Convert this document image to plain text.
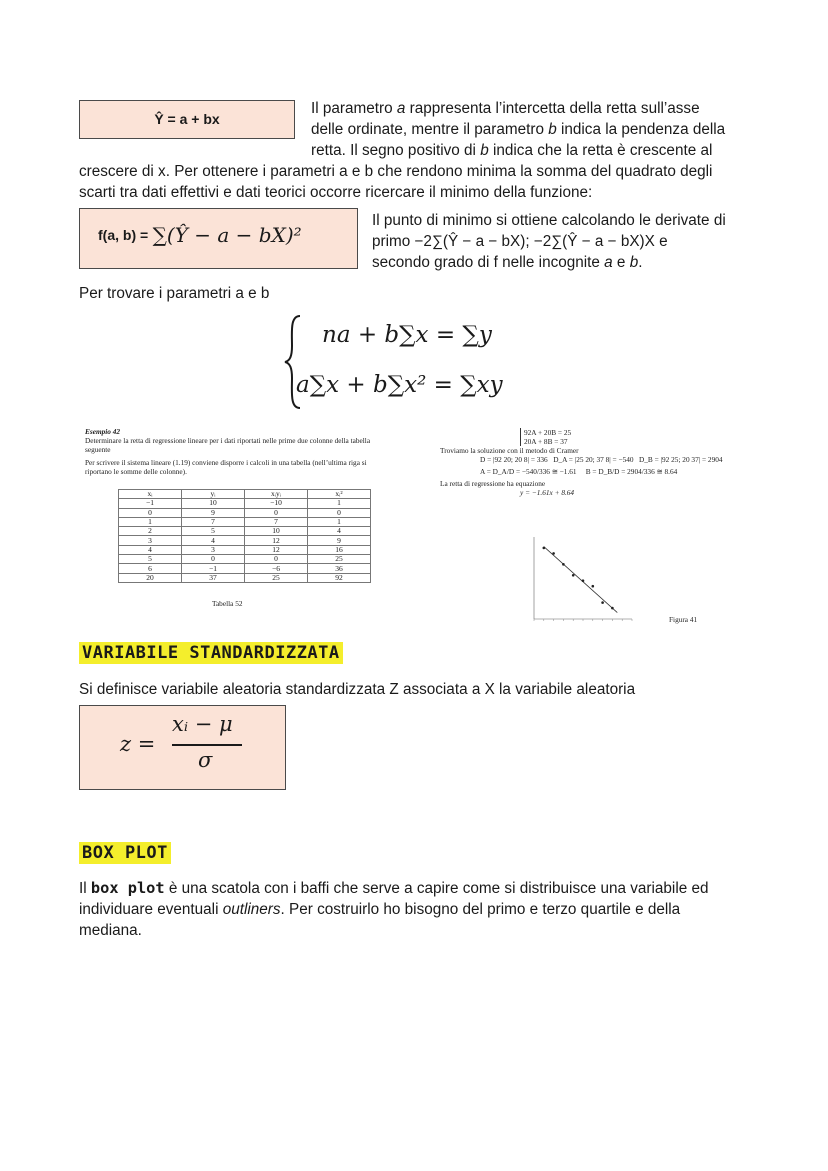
Ŷ = a + bx
Il parametro a rappresenta l’intercetta della retta sull’asse
delle ordinate, mentre il parametro b indica la pendenza della
retta. Il segno positivo di b indica che la retta è crescente al
crescere di x. Per ottenere i parametri a e b che rendono minima la somma del quadrato degli
scarti tra dati effettivi e dati teorici occorre ricercare il minimo della funzione:
f(a, b) = ∑(Ŷ − a − bX)²
Il punto di minimo si ottiene calcolando le derivate di
primo −2∑(Ŷ − a − bX); −2∑(Ŷ − a − bX)X e
secondo grado di f nelle incognite a e b.
Per trovare i parametri a e b
na + b∑x = ∑y
a∑x + b∑x² = ∑xy
Esempio 42
Determinare la retta di regressione lineare per i dati riportati nelle prime due colonne della tabella
seguente
Per scrivere il sistema lineare (1.19) conviene disporre i calcoli in una tabella (nell’ultima riga si
riportano le somme delle colonne).
xᵢ	yᵢ	xᵢyᵢ	xᵢ²
−1	10	−10	1
0	9	0	0
1	7	7	1
2	5	10	4
3	4	12	9
4	3	12	16
5	0	0	25
6	−1	−6	36
20	37	25	92
Tabella 52
92A + 20B = 25
20A + 8B = 37
Troviamo la soluzione con il metodo di Cramer
D = |92 20; 20 8| = 336 D_A = |25 20; 37 8| = −540 D_B = |92 25; 20 37| = 2904
A = D_A/D = −540/336 ≅ −1.61 B = D_B/D = 2904/336 ≅ 8.64
La retta di regressione ha equazione
y = −1.61x + 8.64
Figura 41
VARIABILE STANDARDIZZATA
Si definisce variabile aleatoria standardizzata Z associata a X la variabile aleatoria
z =
xᵢ − μ
σ
BOX PLOT
Il box plot è una scatola con i baffi che serve a capire come si distribuisce una variabile ed
individuare eventuali outliners. Per costruirlo ho bisogno del primo e terzo quartile e della
mediana.
